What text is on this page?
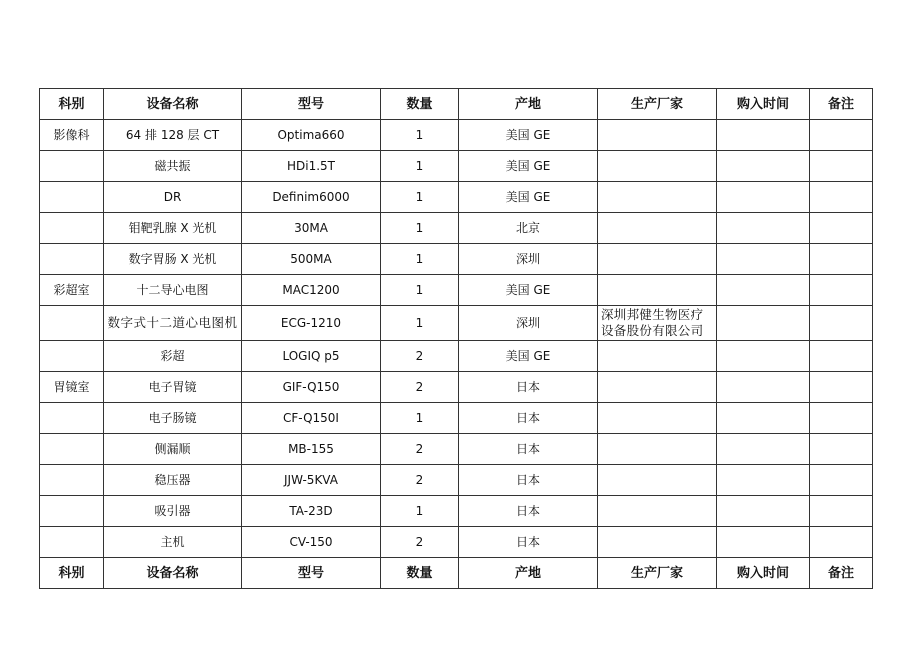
科别	设备名称	型号	数量	产地	生产厂家	购入时间	备注
影像科	64 排 128 层 CT	Optima660	1	美国 GE			
	磁共振	HDi1.5T	1	美国 GE			
	DR	Definim6000	1	美国 GE			
	钼靶乳腺 X 光机	30MA	1	北京			
	数字胃肠 X 光机	500MA	1	深圳			
彩超室	十二导心电图	MAC1200	1	美国 GE			
	数字式十二道心电图机	ECG-1210	1	深圳	深圳邦健生物医疗设备股份有限公司		
	彩超	LOGIQ p5	2	美国 GE			
胃镜室	电子胃镜	GIF-Q150	2	日本			
	电子肠镜	CF-Q150I	1	日本			
	侧漏顺	MB-155	2	日本			
	稳压器	JJW-5KVA	2	日本			
	吸引器	TA-23D	1	日本			
	主机	CV-150	2	日本			
科别	设备名称	型号	数量	产地	生产厂家	购入时间	备注
